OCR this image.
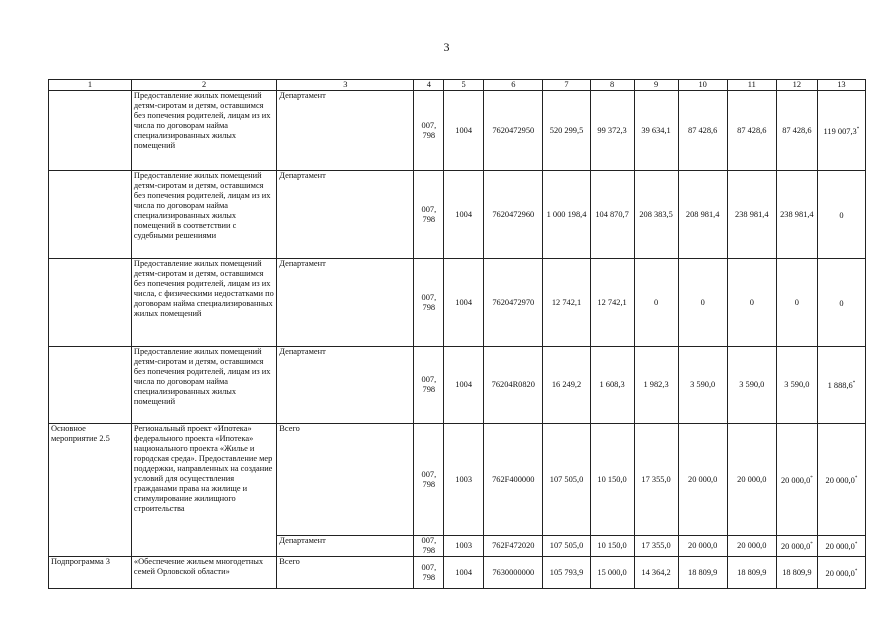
3
1	2	3	4	5	6	7	8	9	10	11	12	13
	Предоставление жилых помещений детям-сиротам и детям, оставшимся без попечения родителей, лицам из их числа по договорам найма специализированных жилых помещений	Департамент	007, 798	1004	7620472950	520 299,5	99 372,3	39 634,1	87 428,6	87 428,6	87 428,6	119 007,3*
	Предоставление жилых помещений детям-сиротам и детям, оставшимся без попечения родителей, лицам из их числа по договорам найма специализированных жилых помещений в соответствии с судебными решениями	Департамент	007, 798	1004	7620472960	1 000 198,4	104 870,7	208 383,5	208 981,4	238 981,4	238 981,4	0
	Предоставление жилых помещений детям-сиротам и детям, оставшимся без попечения родителей, лицам из их числа, с физическими недостатками по договорам найма специализированных жилых помещений	Департамент	007, 798	1004	7620472970	12 742,1	12 742,1	0	0	0	0	0
	Предоставление жилых помещений детям-сиротам и детям, оставшимся без попечения родителей, лицам из их числа по договорам найма специализированных жилых помещений	Департамент	007, 798	1004	76204R0820	16 249,2	1 608,3	1 982,3	3 590,0	3 590,0	3 590,0	1 888,6*
Основное мероприятие 2.5	Региональный проект «Ипотека» федерального проекта «Ипотека» национального проекта «Жилье и городская среда». Предоставление мер поддержки, направленных на создание условий для осуществления гражданами права на жилище и стимулирование жилищного строительства	Всего	007, 798	1003	762F400000	107 505,0	10 150,0	17 355,0	20 000,0	20 000,0	20 000,0*	20 000,0*
		Департамент	007, 798	1003	762F472020	107 505,0	10 150,0	17 355,0	20 000,0	20 000,0	20 000,0*	20 000,0*
Подпрограмма 3	«Обеспечение жильем многодетных семей Орловской области»	Всего	007, 798	1004	7630000000	105 793,9	15 000,0	14 364,2	18 809,9	18 809,9	18 809,9	20 000,0*
